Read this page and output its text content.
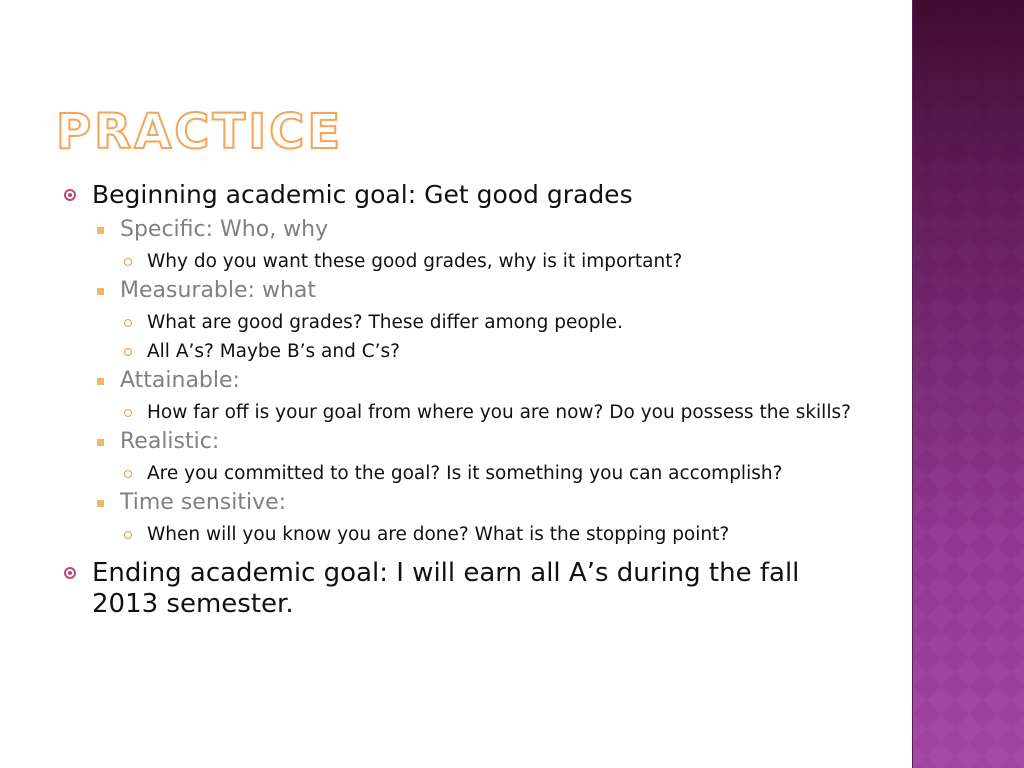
PRACTICE
Beginning academic goal: Get good grades
Specific: Who, why
Why do you want these good grades, why is it important?
Measurable: what
What are good grades? These differ among people.
All A’s? Maybe B’s and C’s?
Attainable:
How far off is your goal from where you are now? Do you possess the skills?
Realistic:
Are you committed to the goal? Is it something you can accomplish?
Time sensitive:
When will you know you are done? What is the stopping point?
Ending academic goal: I will earn all A’s during the fall 2013 semester.
